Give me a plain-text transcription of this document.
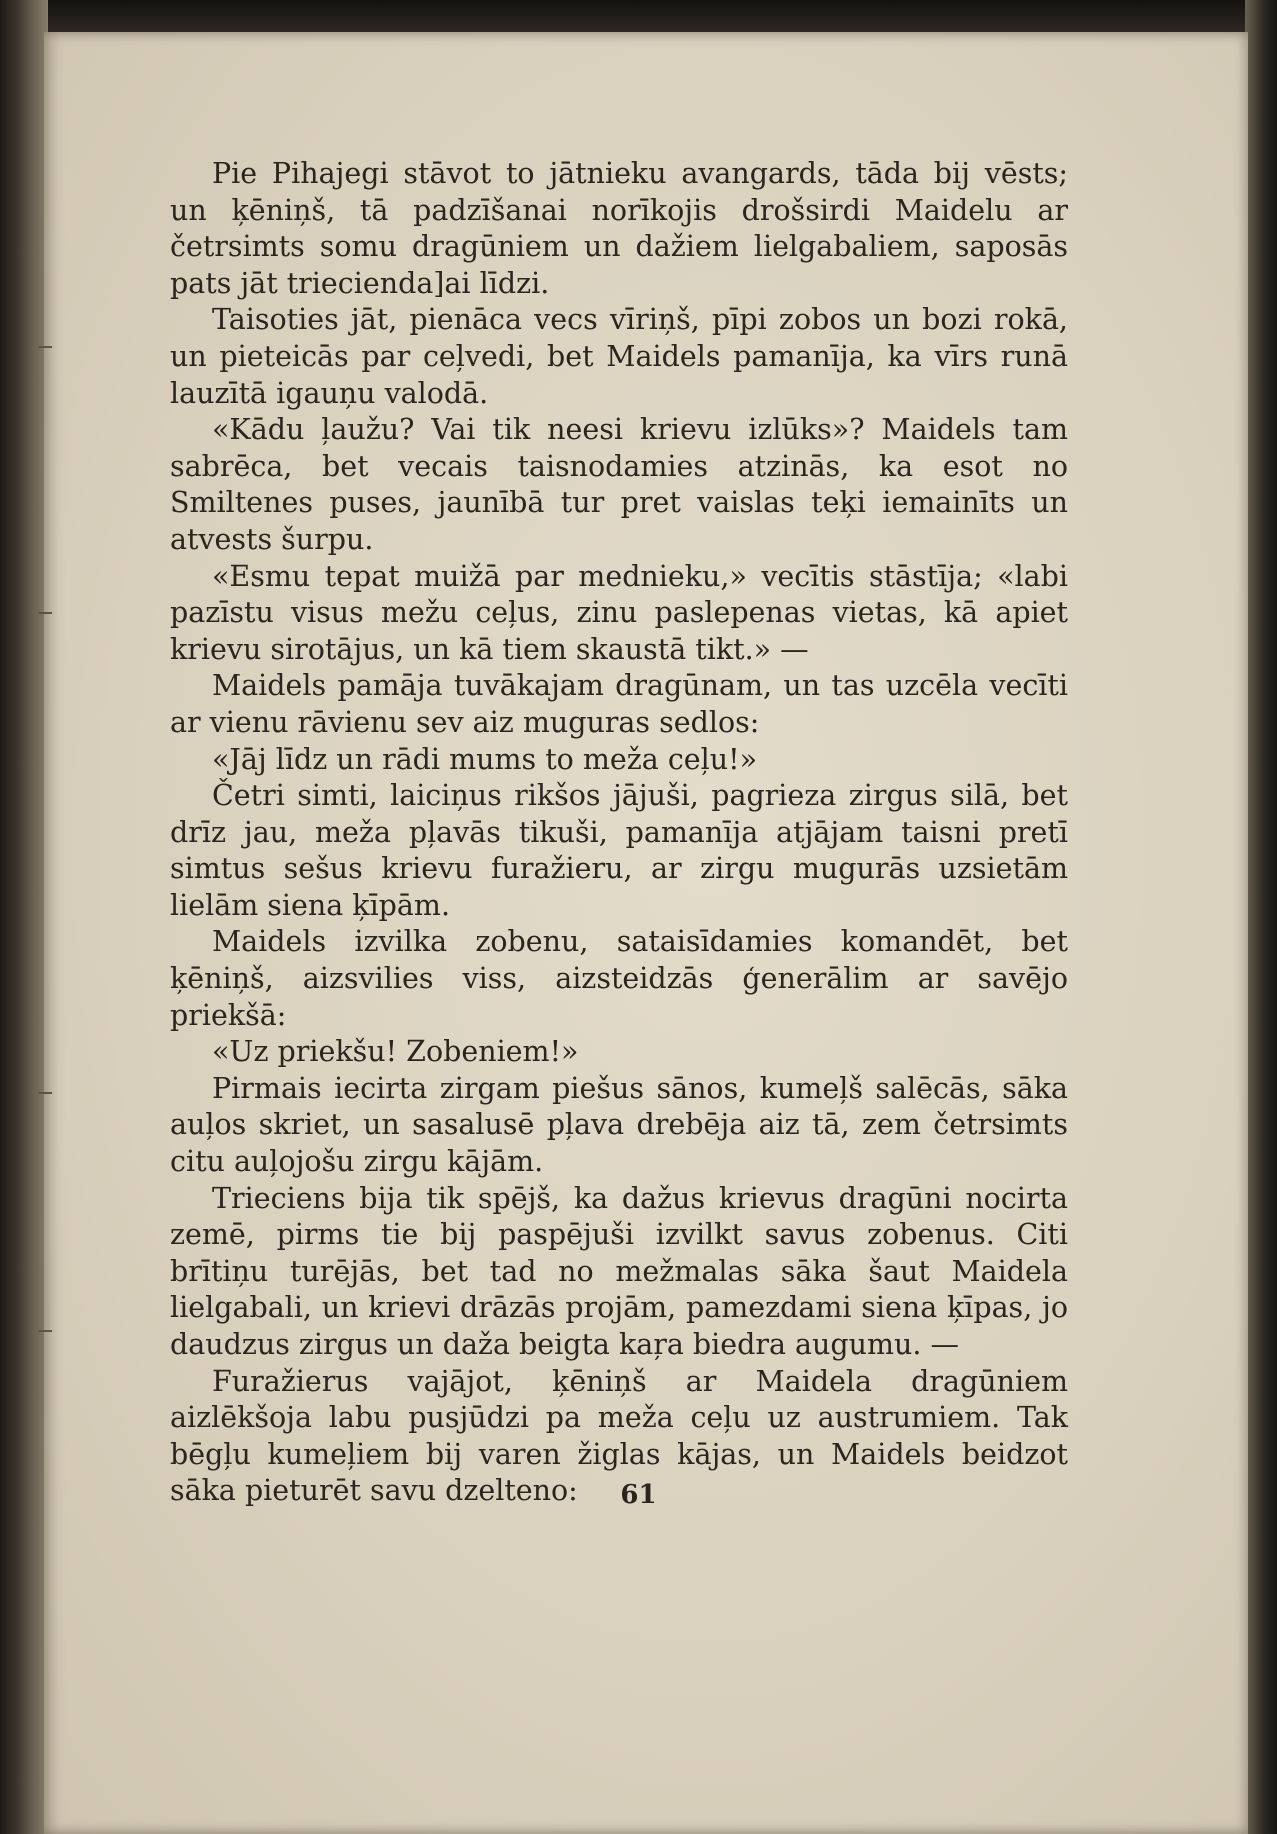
Pie Pihajegi stāvot to jātnieku avangards, tāda bij vēsts; un ķēniņš, tā padzīšanai norīkojis drošsirdi Maidelu ar četrsimts somu dragūniem un dažiem lielgabaliem, saposās pats jāt triecienda]ai līdzi.

Taisoties jāt, pienāca vecs vīriņš, pīpi zobos un bozi rokā, un pieteicās par ceļvedi, bet Maidels pamanīja, ka vīrs runā lauzītā igauņu valodā.

«Kādu ļaužu? Vai tik neesi krievu izlūks»? Maidels tam sabrēca, bet vecais taisnodamies atzinās, ka esot no Smiltenes puses, jaunībā tur pret vaislas teķi iemainīts un atvests šurpu.

«Esmu tepat muižā par mednieku,» vecītis stāstīja; «labi pazīstu visus mežu ceļus, zinu paslepenas vietas, kā apiet krievu sirotājus, un kā tiem skaustā tikt.» —

Maidels pamāja tuvākajam dragūnam, un tas uzcēla vecīti ar vienu rāvienu sev aiz muguras sedlos:

«Jāj līdz un rādi mums to meža ceļu!»

Četri simti, laiciņus rikšos jājuši, pagrieza zirgus silā, bet drīz jau, meža pļavās tikuši, pamanīja atjājam taisni pretī simtus sešus krievu furažieru, ar zirgu mugurās uzsietām lielām siena ķīpām.

Maidels izvilka zobenu, sataisīdamies komandēt, bet ķēniņš, aizsvilies viss, aizsteidzās ģenerālim ar savējo priekšā:

«Uz priekšu! Zobeniem!»

Pirmais iecirta zirgam piešus sānos, kumeļš salēcās, sāka auļos skriet, un sasalusē pļava drebēja aiz tā, zem četrsimts citu auļojošu zirgu kājām.

Trieciens bija tik spējš, ka dažus krievus dragūni nocirta zemē, pirms tie bij paspējuši izvilkt savus zobenus. Citi brītiņu turējās, bet tad no mežmalas sāka šaut Maidela lielgabali, un krievi drāzās projām, pamezdami siena ķīpas, jo daudzus zirgus un daža beigta kaŗa biedra augumu. —

Furažierus vajājot, ķēniņš ar Maidela dragūniem aizlēkšoja labu pusjūdzi pa meža ceļu uz austrumiem. Tak bēgļu kumeļiem bij varen žiglas kājas, un Maidels beidzot sāka pieturēt savu dzelteno:	61
